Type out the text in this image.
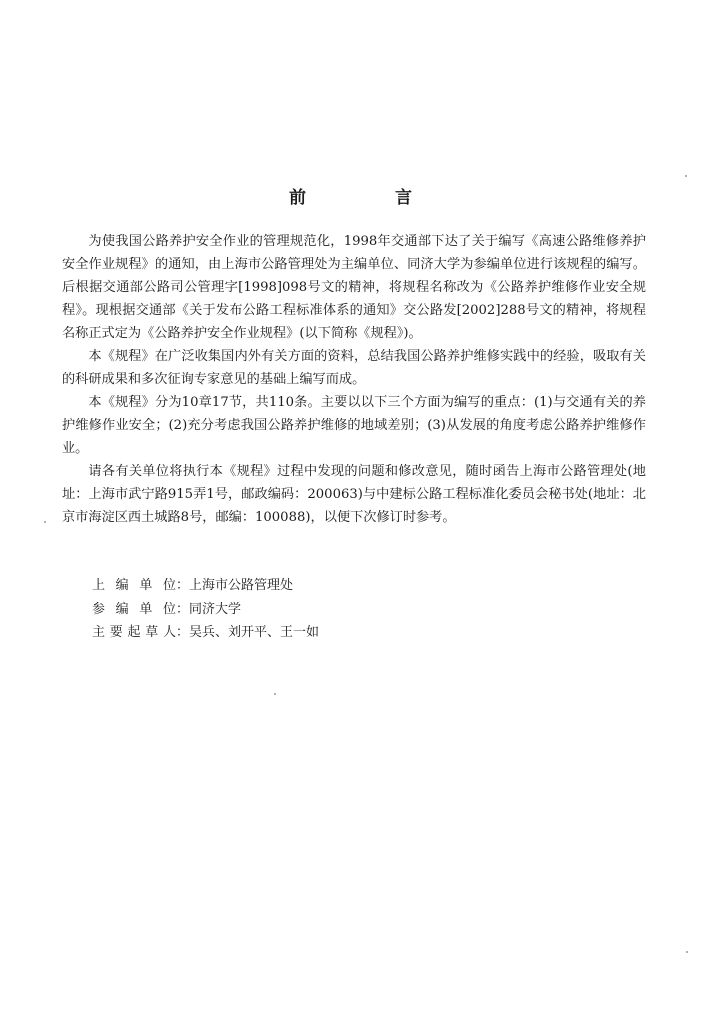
前　言

为使我国公路养护安全作业的管理规范化，1998年交通部下达了关于编写《高速公路维修养护安全作业规程》的通知，由上海市公路管理处为主编单位、同济大学为参编单位进行该规程的编写。后根据交通部公路司公管理字[1998]098号文的精神，将规程名称改为《公路养护维修作业安全规程》。现根据交通部《关于发布公路工程标准体系的通知》交公路发[2002]288号文的精神，将规程名称正式定为《公路养护安全作业规程》(以下简称《规程》)。

本《规程》在广泛收集国内外有关方面的资料，总结我国公路养护维修实践中的经验，吸取有关的科研成果和多次征询专家意见的基础上编写而成。

本《规程》分为10章17节，共110条。主要以以下三个方面为编写的重点：(1)与交通有关的养护维修作业安全；(2)充分考虑我国公路养护维修的地域差别；(3)从发展的角度考虑公路养护维修作业。

请各有关单位将执行本《规程》过程中发现的问题和修改意见，随时函告上海市公路管理处(地址：上海市武宁路915弄1号，邮政编码：200063)与中建标公路工程标准化委员会秘书处(地址：北京市海淀区西土城路8号，邮编：100088)，以便下次修订时参考。

上编单位 ： 上海市公路管理处
参编单位 ： 同济大学
主要起草人 ： 吴兵、刘开平、王一如
